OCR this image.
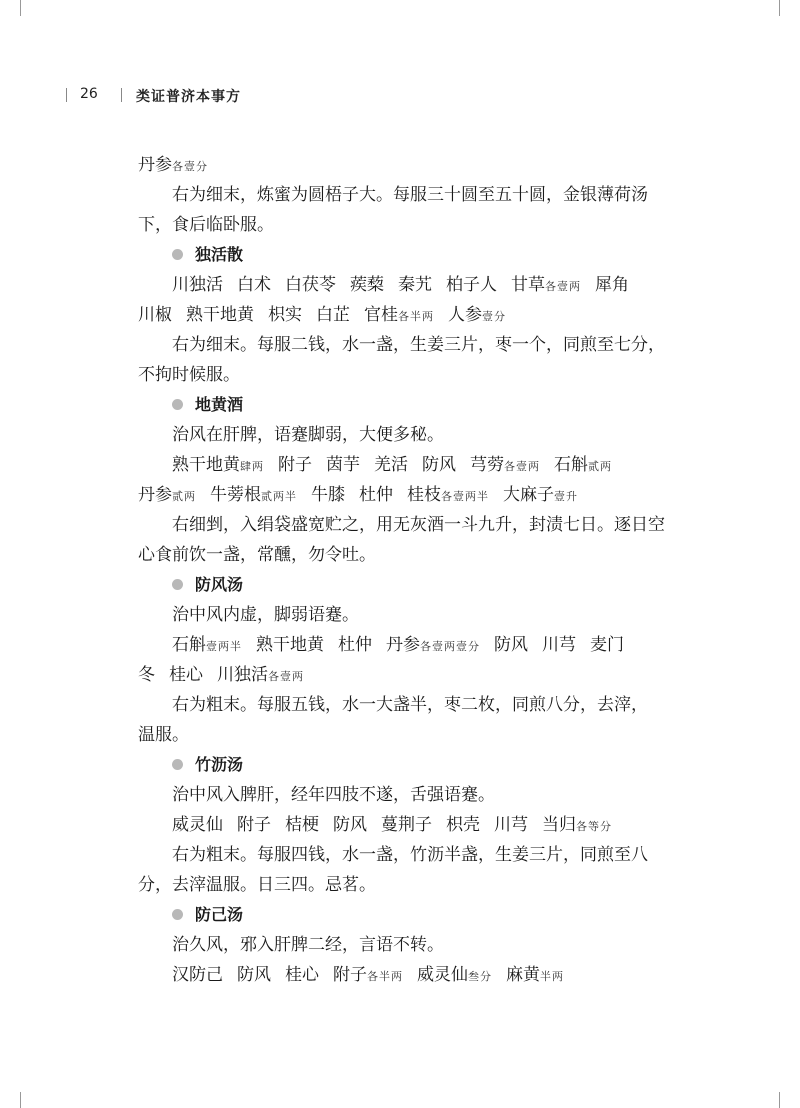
26	类证普济本事方
丹参各壹分
右为细末，炼蜜为圆梧子大。每服三十圆至五十圆，金银薄荷汤
下，食后临卧服。
独活散
川独活 白术 白茯苓 蒺蔾 秦艽 柏子人 甘草各壹两 犀角
川椒 熟干地黄 枳实 白芷 官桂各半两 人参壹分
右为细末。每服二钱，水一盏，生姜三片，枣一个，同煎至七分，
不拘时候服。
地黄酒
治风在肝脾，语蹇脚弱，大便多秘。
熟干地黄肆两 附子 茵芋 羌活 防风 芎䓖各壹两 石斛贰两
丹参贰两 牛蒡根贰两半 牛膝 杜仲 桂枝各壹两半 大麻子壹升
右细剉，入绢袋盛宽贮之，用无灰酒一斗九升，封渍七日。逐日空
心食前饮一盏，常醺，勿令吐。
防风汤
治中风内虚，脚弱语蹇。
石斛壹两半 熟干地黄 杜仲 丹参各壹两壹分 防风 川芎 麦门
冬 桂心 川独活各壹两
右为粗末。每服五钱，水一大盏半，枣二枚，同煎八分，去滓，
温服。
竹沥汤
治中风入脾肝，经年四肢不遂，舌强语蹇。
威灵仙 附子 桔梗 防风 蔓荆子 枳壳 川芎 当归各等分
右为粗末。每服四钱，水一盏，竹沥半盏，生姜三片，同煎至八
分，去滓温服。日三四。忌茗。
防己汤
治久风，邪入肝脾二经，言语不转。
汉防己 防风 桂心 附子各半两 威灵仙叁分 麻黄半两
